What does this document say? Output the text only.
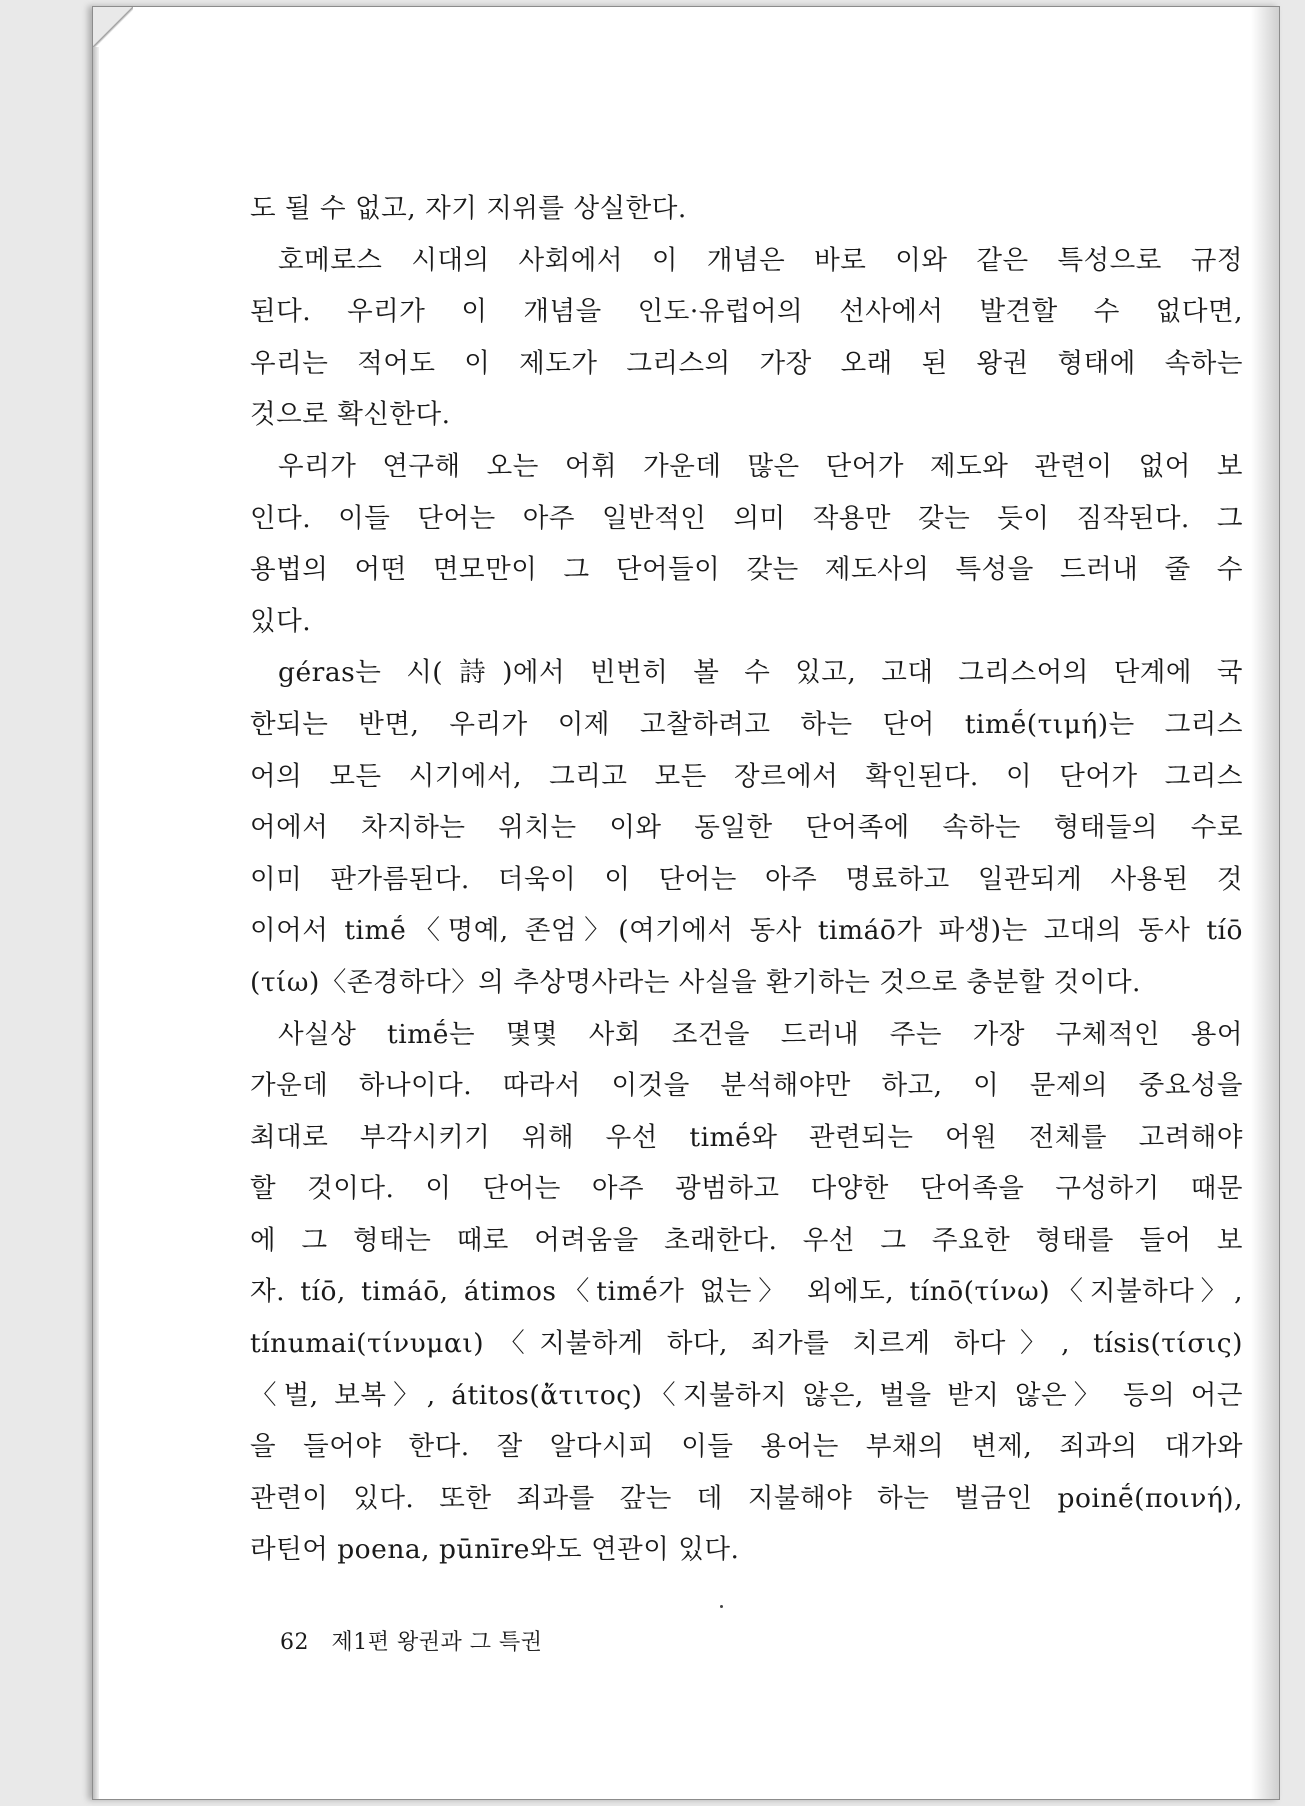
도 될 수 없고, 자기 지위를 상실한다.
호메로스 시대의 사회에서 이 개념은 바로 이와 같은 특성으로 규정
된다. 우리가 이 개념을 인도·유럽어의 선사에서 발견할 수 없다면,
우리는 적어도 이 제도가 그리스의 가장 오래 된 왕권 형태에 속하는
것으로 확신한다.
우리가 연구해 오는 어휘 가운데 많은 단어가 제도와 관련이 없어 보
인다. 이들 단어는 아주 일반적인 의미 작용만 갖는 듯이 짐작된다. 그
용법의 어떤 면모만이 그 단어들이 갖는 제도사의 특성을 드러내 줄 수
있다.
géras는 시(詩)에서 빈번히 볼 수 있고, 고대 그리스어의 단계에 국
한되는 반면, 우리가 이제 고찰하려고 하는 단어 timḗ(τιμή)는 그리스
어의 모든 시기에서, 그리고 모든 장르에서 확인된다. 이 단어가 그리스
어에서 차지하는 위치는 이와 동일한 단어족에 속하는 형태들의 수로
이미 판가름된다. 더욱이 이 단어는 아주 명료하고 일관되게 사용된 것
이어서 timḗ〈명예, 존엄〉(여기에서 동사 timáō가 파생)는 고대의 동사 tíō
(τίω)〈존경하다〉의 추상명사라는 사실을 환기하는 것으로 충분할 것이다.
사실상 timḗ는 몇몇 사회 조건을 드러내 주는 가장 구체적인 용어
가운데 하나이다. 따라서 이것을 분석해야만 하고, 이 문제의 중요성을
최대로 부각시키기 위해 우선 timḗ와 관련되는 어원 전체를 고려해야
할 것이다. 이 단어는 아주 광범하고 다양한 단어족을 구성하기 때문
에 그 형태는 때로 어려움을 초래한다. 우선 그 주요한 형태를 들어 보
자. tíō, timáō, átimos〈timḗ가 없는〉 외에도, tínō(τίνω)〈지불하다〉,
tínumai(τίνυμαι)〈지불하게 하다, 죄가를 치르게 하다〉, tísis(τίσις)
〈벌, 보복〉, átitos(ἄτιτος)〈지불하지 않은, 벌을 받지 않은〉 등의 어근
을 들어야 한다. 잘 알다시피 이들 용어는 부채의 변제, 죄과의 대가와
관련이 있다. 또한 죄과를 갚는 데 지불해야 하는 벌금인 poinḗ(ποινή),
라틴어 poena, pūnīre와도 연관이 있다.
62 제1편 왕권과 그 특권
